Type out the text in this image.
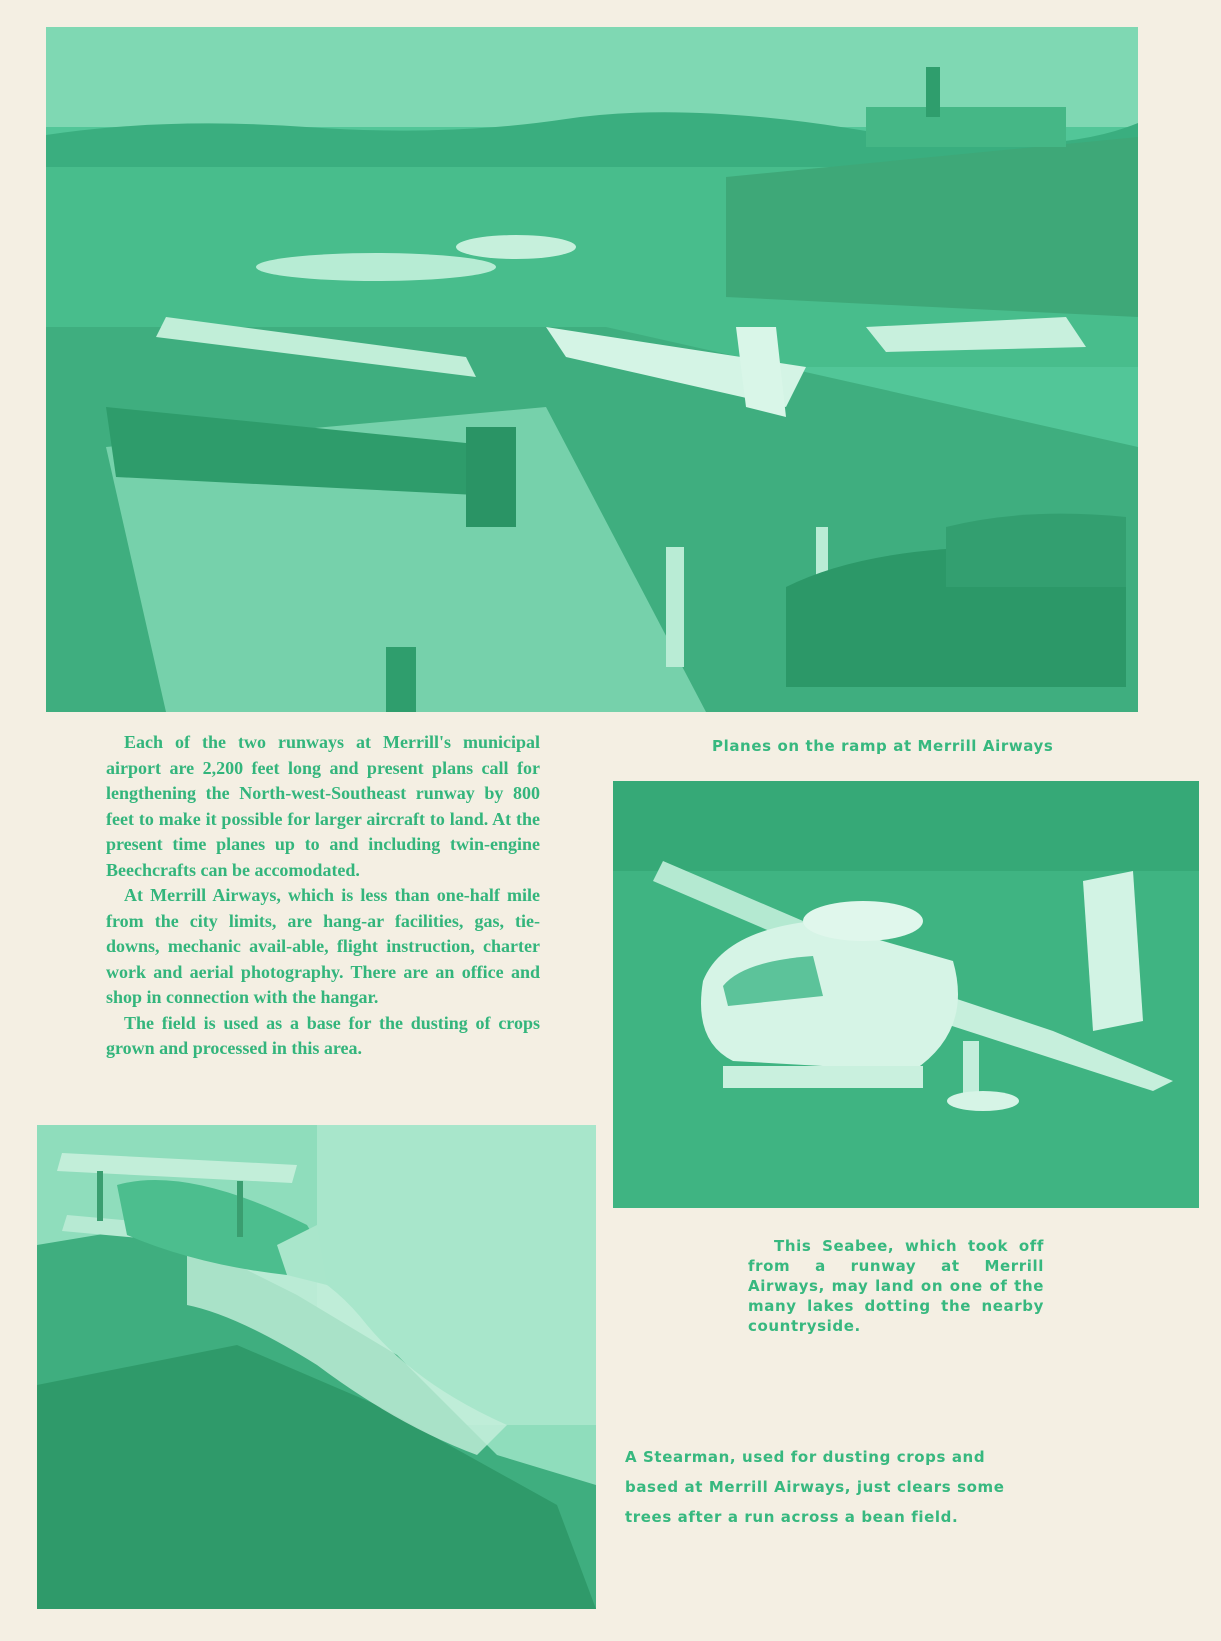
Each of the two runways at Merrill's municipal airport are 2,200 feet long and present plans call for lengthening the North-west-Southeast runway by 800 feet to make it possible for larger aircraft to land. At the present time planes up to and including twin-engine Beechcrafts can be accomodated.

At Merrill Airways, which is less than one-half mile from the city limits, are hang-ar facilities, gas, tie-downs, mechanic avail-able, flight instruction, charter work and aerial photography. There are an office and shop in connection with the hangar.

The field is used as a base for the dusting of crops grown and processed in this area.

Planes on the ramp at Merrill Airways
This Seabee, which took off from a runway at Merrill Airways, may land on one of the many lakes dotting the nearby countryside.
A Stearman, used for dusting crops and based at Merrill Airways, just clears some trees after a run across a bean field.
